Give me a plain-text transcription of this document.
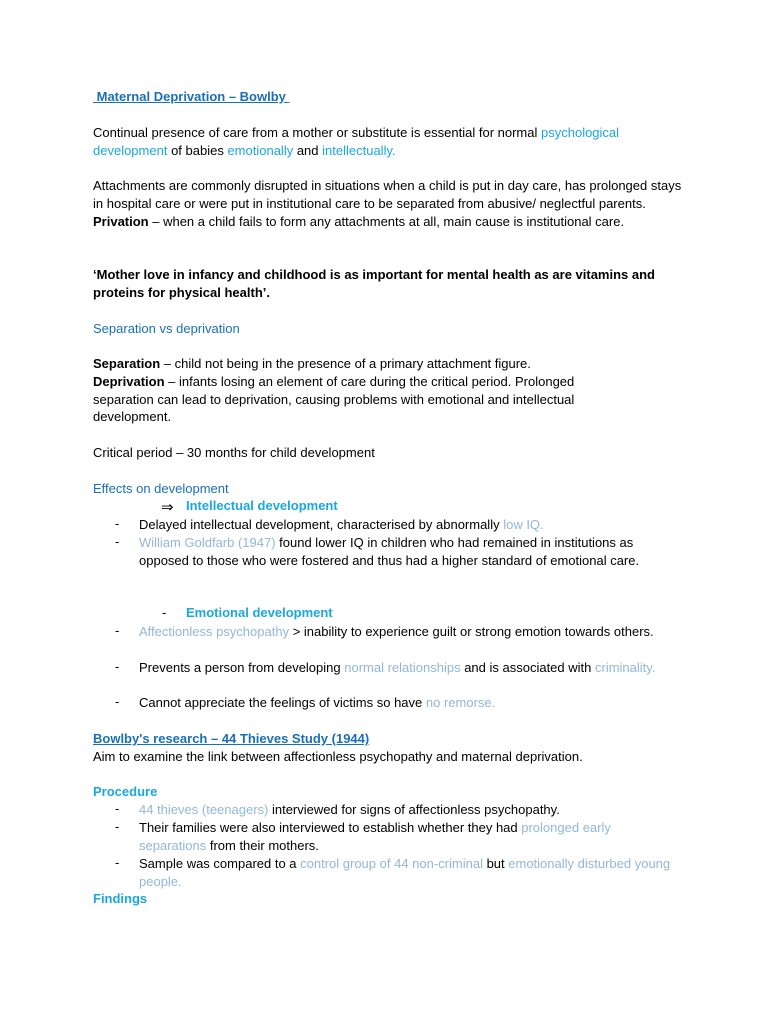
Maternal Deprivation – Bowlby

Continual presence of care from a mother or substitute is essential for normal psychological development of babies emotionally and intellectually.

Attachments are commonly disrupted in situations when a child is put in day care, has prolonged stays in hospital care or were put in institutional care to be separated from abusive/ neglectful parents.
Privation – when a child fails to form any attachments at all, main cause is institutional care.

‘Mother love in infancy and childhood is as important for mental health as are vitamins and proteins for physical health’.

Separation vs deprivation

Separation – child not being in the presence of a primary attachment figure.
Deprivation – infants losing an element of care during the critical period. Prolonged separation can lead to deprivation, causing problems with emotional and intellectual development.

Critical period – 30 months for child development
Effects on development
⇒ Intellectual development
- Delayed intellectual development, characterised by abnormally low IQ.
- William Goldfarb (1947) found lower IQ in children who had remained in institutions as opposed to those who were fostered and thus had a higher standard of emotional care.
- Emotional development
- Affectionless psychopathy > inability to experience guilt or strong emotion towards others.
- Prevents a person from developing normal relationships and is associated with criminality.
- Cannot appreciate the feelings of victims so have no remorse.
Bowlby's research – 44 Thieves Study (1944)
Aim to examine the link between affectionless psychopathy and maternal deprivation.
Procedure
- 44 thieves (teenagers) interviewed for signs of affectionless psychopathy.
- Their families were also interviewed to establish whether they had prolonged early separations from their mothers.
- Sample was compared to a control group of 44 non-criminal but emotionally disturbed young people.
Findings
